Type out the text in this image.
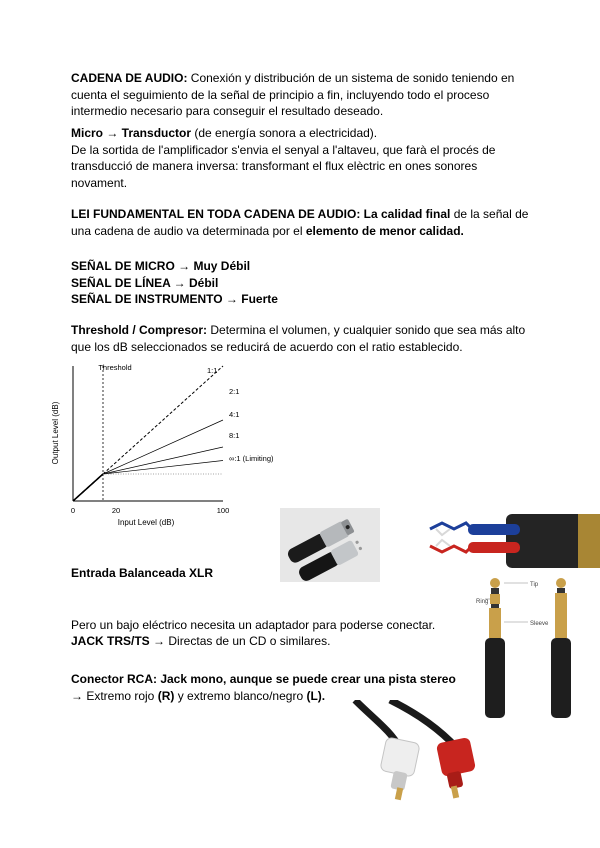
CADENA DE AUDIO: Conexión y distribución de un sistema de sonido teniendo en cuenta el seguimiento de la señal de principio a fin, incluyendo todo el proceso intermedio necesario para conseguir el resultado deseado.

Micro → Transductor (de energía sonora a electricidad).
De la sortida de l'amplificador s'envia el senyal a l'altaveu, que farà el procés de transducció de manera inversa: transformant el flux elèctric en ones sonores novament.

LEI FUNDAMENTAL EN TODA CADENA DE AUDIO: La calidad final de la señal de una cadena de audio va determinada por el elemento de menor calidad.

SEÑAL DE MICRO → Muy Débil
SEÑAL DE LÍNEA → Débil
SEÑAL DE INSTRUMENTO → Fuerte

Threshold / Compresor: Determina el volumen, y cualquier sonido que sea más alto que los dB seleccionados se reducirá de acuerdo con el ratio establecido.

Threshold
Input Level (dB)
Output Level (dB)
0	20	100
1:1
2:1
4:1
8:1
∞:1 (Limiting)
Entrada Balanceada XLR
Tip
Ring
Sleeve
Pero un bajo eléctrico necesita un adaptador para poderse conectar.
JACK TRS/TS → Directas de un CD o similares.

Conector RCA: Jack mono, aunque se puede crear una pista stereo
→ Extremo rojo (R) y extremo blanco/negro (L).
